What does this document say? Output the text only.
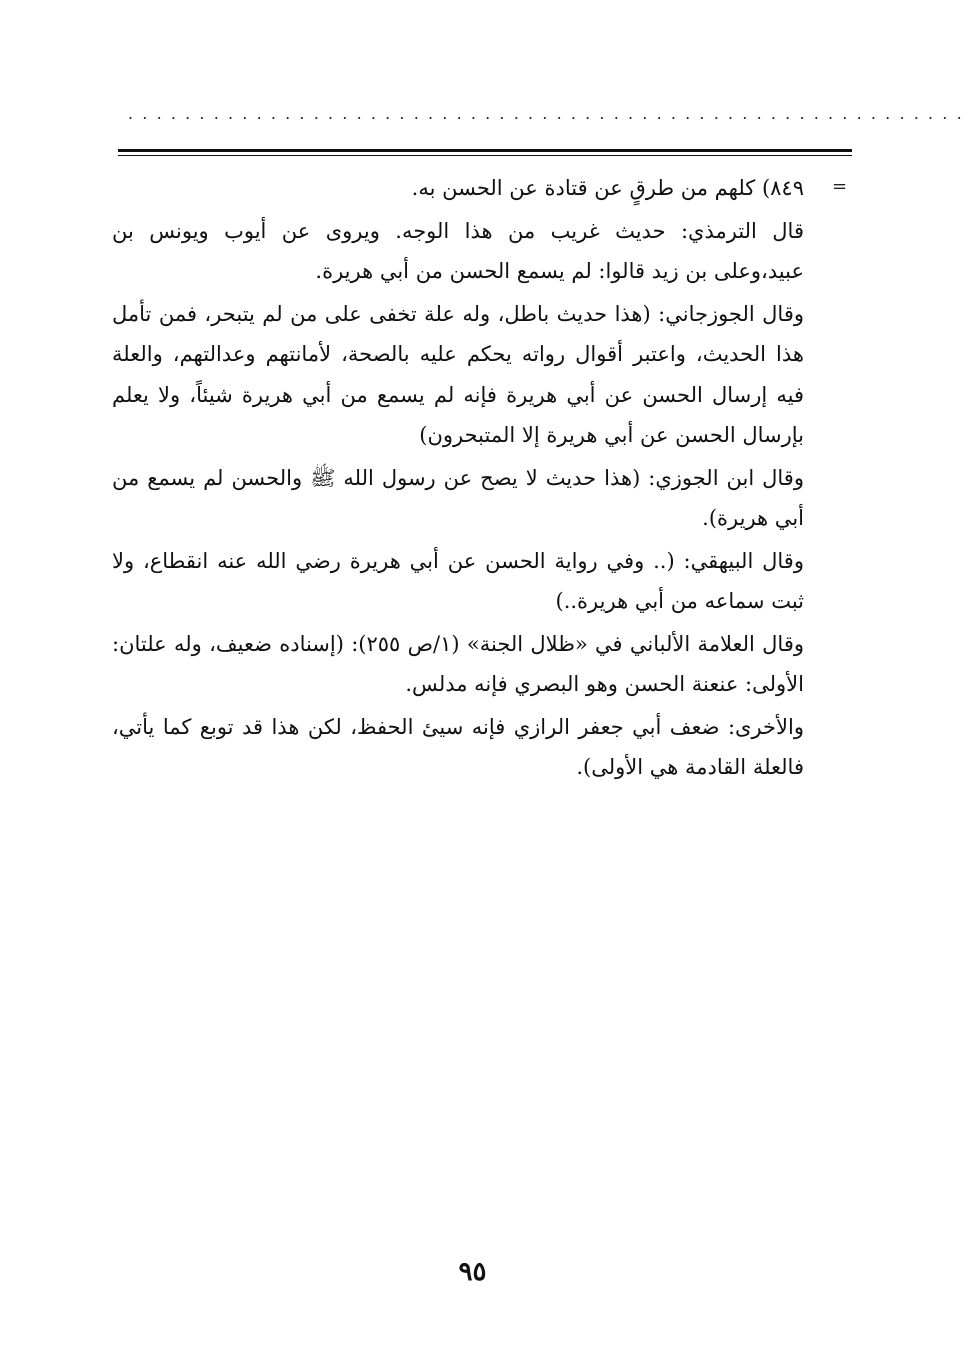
...........................................................
=

٨٤٩) كلهم من طرقٍ عن قتادة عن الحسن به.

قال الترمذي: حديث غريب من هذا الوجه. ويروى عن أيوب ويونس بن عبيد،وعلى بن زيد قالوا: لم يسمع الحسن من أبي هريرة.

وقال الجوزجاني: (هذا حديث باطل، وله علة تخفى على من لم يتبحر، فمن تأمل هذا الحديث، واعتبر أقوال رواته يحكم عليه بالصحة، لأمانتهم وعدالتهم، والعلة فيه إرسال الحسن عن أبي هريرة فإنه لم يسمع من أبي هريرة شيئاً، ولا يعلم بإرسال الحسن عن أبي هريرة إلا المتبحرون)

وقال ابن الجوزي: (هذا حديث لا يصح عن رسول الله ﷺ والحسن لم يسمع من أبي هريرة).

وقال البيهقي: (.. وفي رواية الحسن عن أبي هريرة رضي الله عنه انقطاع، ولا ثبت سماعه من أبي هريرة..)

وقال العلامة الألباني في «ظلال الجنة» (١/ص ٢٥٥): (إسناده ضعيف، وله علتان: الأولى: عنعنة الحسن وهو البصري فإنه مدلس.

والأخرى: ضعف أبي جعفر الرازي فإنه سيئ الحفظ، لكن هذا قد توبع كما يأتي، فالعلة القادمة هي الأولى).

٩٥
